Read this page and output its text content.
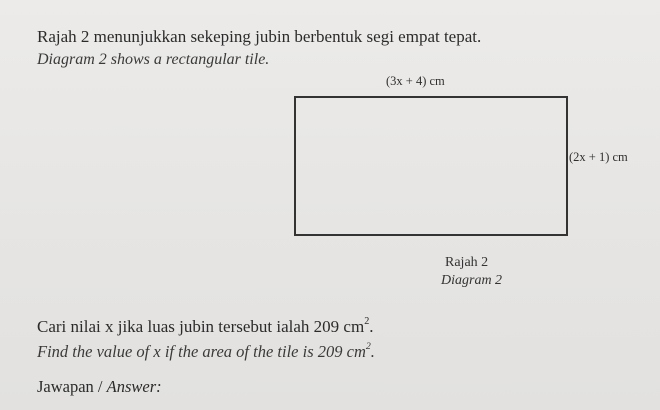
Rajah 2 menunjukkan sekeping jubin berbentuk segi empat tepat.
Diagram 2 shows a rectangular tile.
(3x + 4) cm
(2x + 1) cm
Rajah 2
Diagram 2
Cari nilai x jika luas jubin tersebut ialah 209 $cm^2$.
Find the value of x if the area of the tile is 209 $cm^2$.
Jawapan / Answer:
